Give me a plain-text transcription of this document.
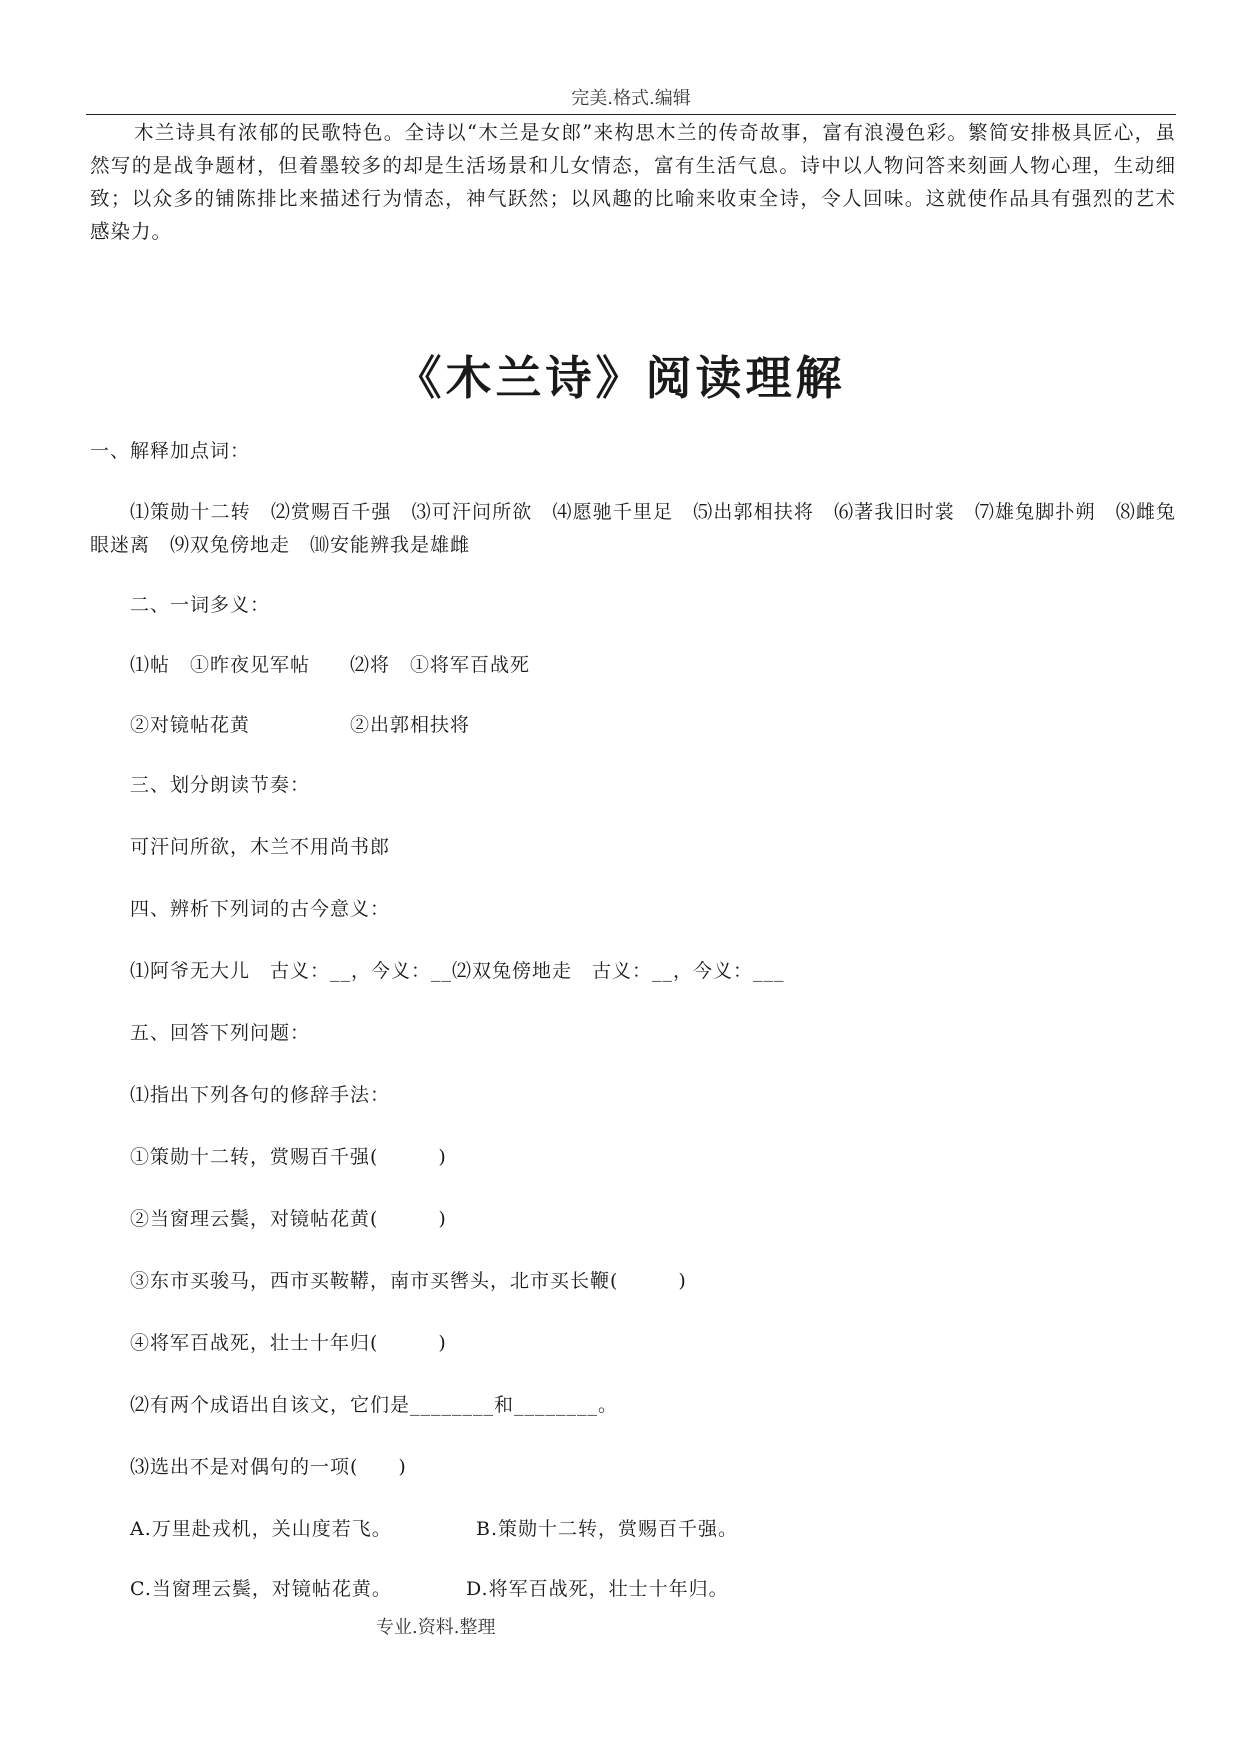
完美.格式.编辑
木兰诗具有浓郁的民歌特色。全诗以“木兰是女郎”来构思木兰的传奇故事，富有浪漫色彩。繁简安排极具匠心，虽然写的是战争题材，但着墨较多的却是生活场景和儿女情态，富有生活气息。诗中以人物问答来刻画人物心理，生动细致；以众多的铺陈排比来描述行为情态，神气跃然；以风趣的比喻来收束全诗，令人回味。这就使作品具有强烈的艺术感染力。
《木兰诗》阅读理解
一、解释加点词：
⑴策勋十二转　⑵赏赐百千强　⑶可汗问所欲　⑷愿驰千里足　⑸出郭相扶将　⑹著我旧时裳　⑺雄兔脚扑朔　⑻雌兔眼迷离　⑼双兔傍地走　⑽安能辨我是雄雌
二、一词多义：
⑴帖　①昨夜见军帖　　⑵将　①将军百战死
②对镜帖花黄　　　　　②出郭相扶将
三、划分朗读节奏：
可汗问所欲，木兰不用尚书郎
四、辨析下列词的古今意义：
⑴阿爷无大儿　古义：__，今义：__⑵双兔傍地走　古义：__，今义：___
五、回答下列问题：
⑴指出下列各句的修辞手法：
①策勋十二转，赏赐百千强(　　　)
②当窗理云鬓，对镜帖花黄(　　　)
③东市买骏马，西市买鞍鞯，南市买辔头，北市买长鞭(　　　)
④将军百战死，壮士十年归(　　　)
⑵有两个成语出自该文，它们是________和________。
⑶选出不是对偶句的一项(　　)
A.万里赴戎机，关山度若飞。	B.策勋十二转，赏赐百千强。
C.当窗理云鬓，对镜帖花黄。	D.将军百战死，壮士十年归。
专业.资料.整理
